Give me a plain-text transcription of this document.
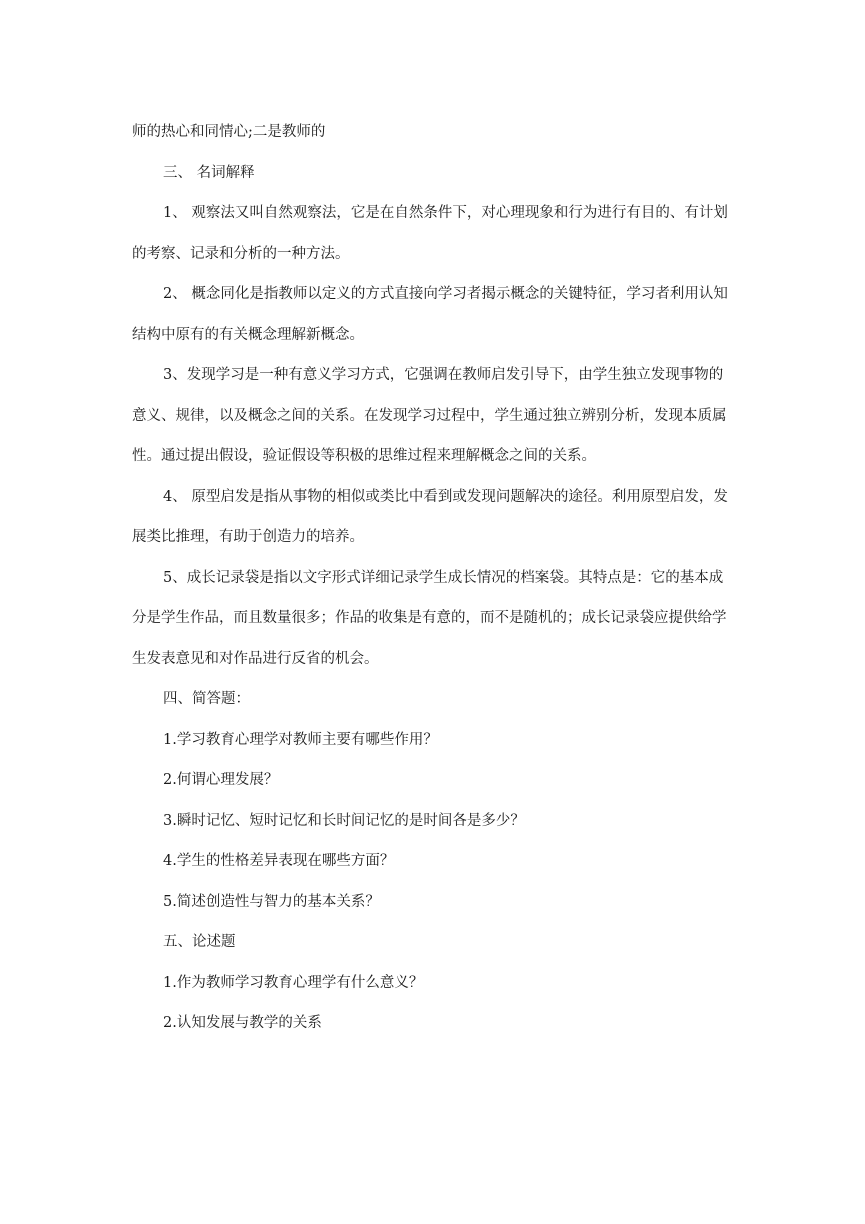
师的热心和同情心;二是教师的

三、 名词解释

1、 观察法又叫自然观察法，它是在自然条件下，对心理现象和行为进行有目的、有计划的考察、记录和分析的一种方法。

2、 概念同化是指教师以定义的方式直接向学习者揭示概念的关键特征，学习者利用认知结构中原有的有关概念理解新概念。

3、发现学习是一种有意义学习方式，它强调在教师启发引导下，由学生独立发现事物的意义、规律，以及概念之间的关系。在发现学习过程中，学生通过独立辨别分析，发现本质属性。通过提出假设，验证假设等积极的思维过程来理解概念之间的关系。

4、 原型启发是指从事物的相似或类比中看到或发现问题解决的途径。利用原型启发，发展类比推理，有助于创造力的培养。

5、成长记录袋是指以文字形式详细记录学生成长情况的档案袋。其特点是：它的基本成分是学生作品，而且数量很多；作品的收集是有意的，而不是随机的；成长记录袋应提供给学生发表意见和对作品进行反省的机会。

四、简答题：

1.学习教育心理学对教师主要有哪些作用？

2.何谓心理发展？

3.瞬时记忆、短时记忆和长时间记忆的是时间各是多少？

4.学生的性格差异表现在哪些方面？

5.简述创造性与智力的基本关系？

五、论述题

1.作为教师学习教育心理学有什么意义？

2.认知发展与教学的关系
